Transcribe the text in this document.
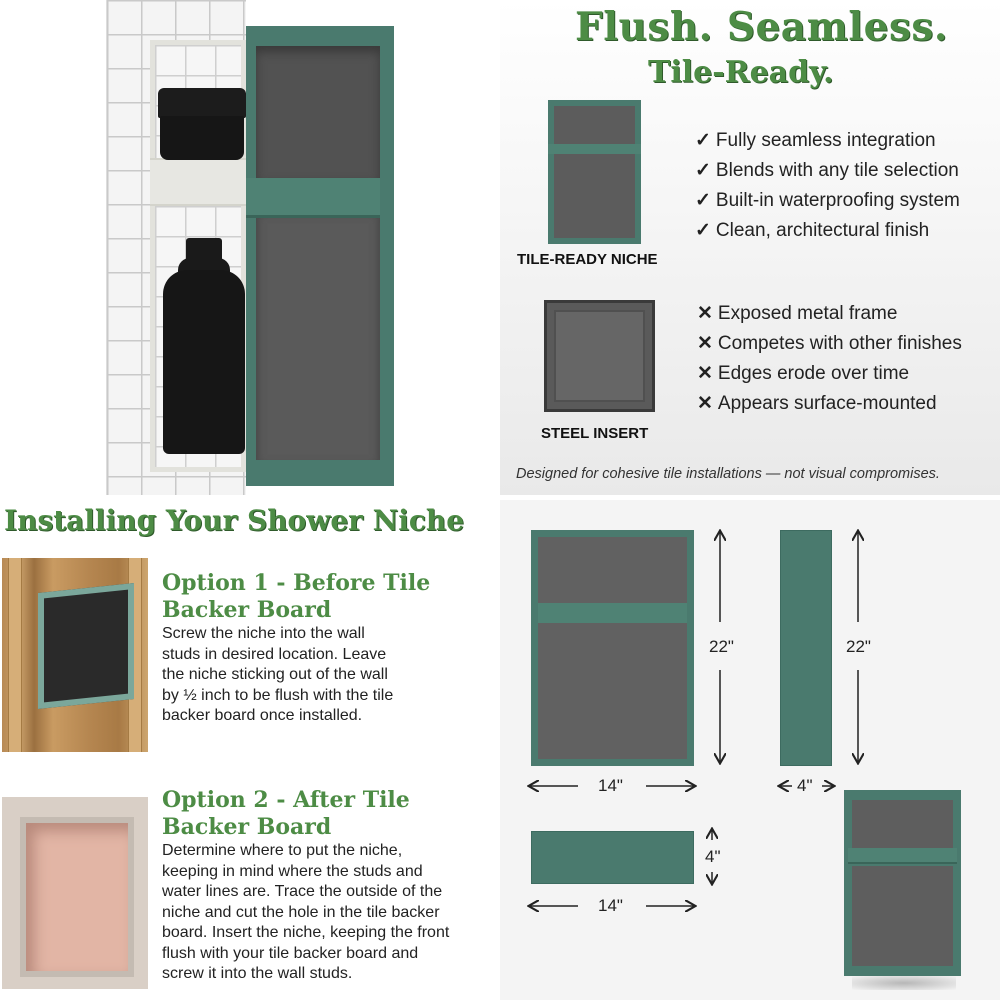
Flush. Seamless.
Tile-Ready.
TILE-READY NICHE
✓ Fully seamless integration
✓ Blends with any tile selection
✓ Built-in waterproofing system
✓ Clean, architectural finish
STEEL INSERT
✕ Exposed metal frame
✕ Competes with other finishes
✕ Edges erode over time
✕ Appears surface-mounted
Designed for cohesive tile installations — not visual compromises.
Installing Your Shower Niche
Option 1 - Before Tile
Backer Board
Screw the niche into the wall
studs in desired location. Leave
the niche sticking out of the wall
by ½ inch to be flush with the tile
backer board once installed.
Option 2 - After Tile
Backer Board
Determine where to put the niche,
keeping in mind where the studs and
water lines are. Trace the outside of the
niche and cut the hole in the tile backer
board. Insert the niche, keeping the front
flush with your tile backer board and
screw it into the wall studs.
22"
14"
22"
4"
4"
14"
